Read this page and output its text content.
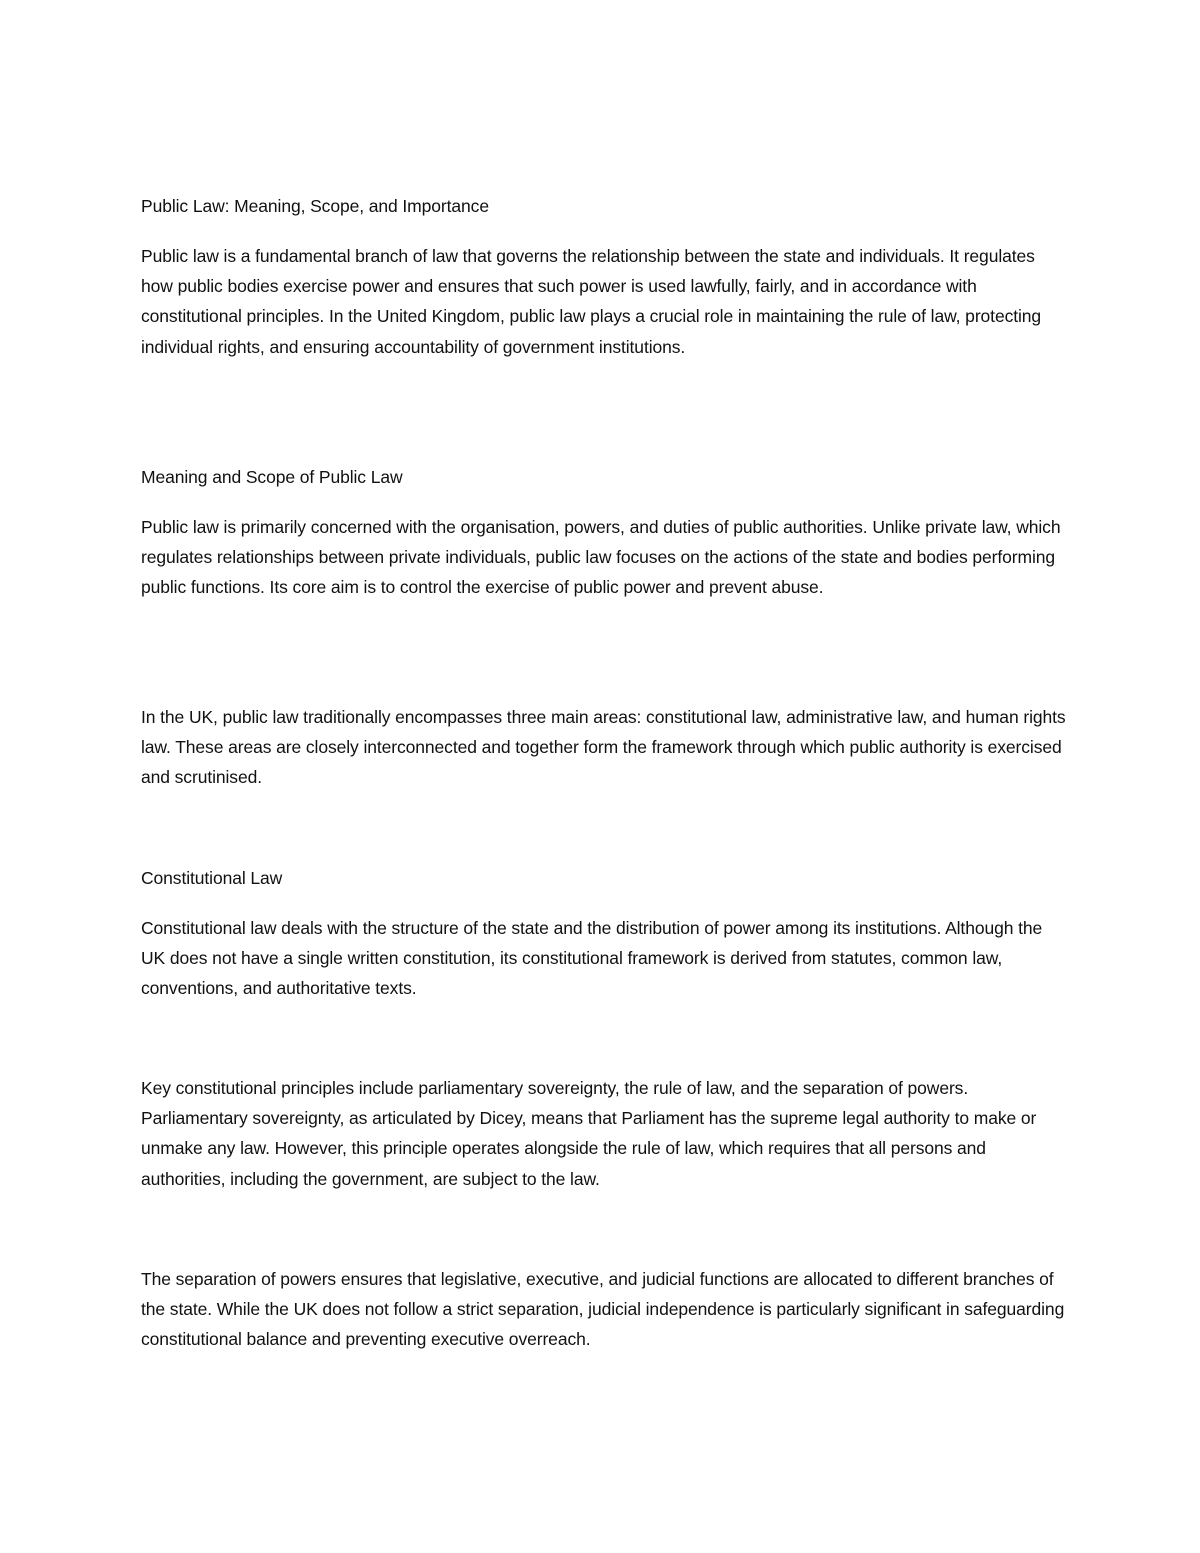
Public Law: Meaning, Scope, and Importance

Public law is a fundamental branch of law that governs the relationship between the state and individuals. It regulates how public bodies exercise power and ensures that such power is used lawfully, fairly, and in accordance with constitutional principles. In the United Kingdom, public law plays a crucial role in maintaining the rule of law, protecting individual rights, and ensuring accountability of government institutions.

Meaning and Scope of Public Law

Public law is primarily concerned with the organisation, powers, and duties of public authorities. Unlike private law, which regulates relationships between private individuals, public law focuses on the actions of the state and bodies performing public functions. Its core aim is to control the exercise of public power and prevent abuse.

In the UK, public law traditionally encompasses three main areas: constitutional law, administrative law, and human rights law. These areas are closely interconnected and together form the framework through which public authority is exercised and scrutinised.

Constitutional Law

Constitutional law deals with the structure of the state and the distribution of power among its institutions. Although the UK does not have a single written constitution, its constitutional framework is derived from statutes, common law, conventions, and authoritative texts.

Key constitutional principles include parliamentary sovereignty, the rule of law, and the separation of powers. Parliamentary sovereignty, as articulated by Dicey, means that Parliament has the supreme legal authority to make or unmake any law. However, this principle operates alongside the rule of law, which requires that all persons and authorities, including the government, are subject to the law.

The separation of powers ensures that legislative, executive, and judicial functions are allocated to different branches of the state. While the UK does not follow a strict separation, judicial independence is particularly significant in safeguarding constitutional balance and preventing executive overreach.
